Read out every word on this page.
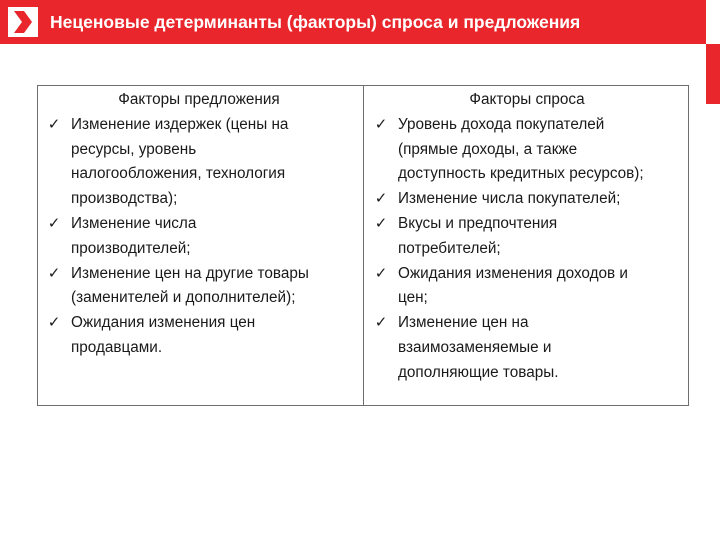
Неценовые детерминанты (факторы) спроса и предложения
Факторы предложения
✓ Изменение издержек (цены на
ресурсы, уровень
налогообложения, технология
производства);
✓ Изменение числа
производителей;
✓ Изменение цен на другие товары
(заменителей и дополнителей);
✓ Ожидания изменения цен
продавцами.
Факторы спроса
✓ Уровень дохода покупателей
(прямые доходы, а также
доступность кредитных ресурсов);
✓ Изменение числа покупателей;
✓ Вкусы и предпочтения
потребителей;
✓ Ожидания изменения доходов и
цен;
✓ Изменение цен на
взаимозаменяемые и
дополняющие товары.
